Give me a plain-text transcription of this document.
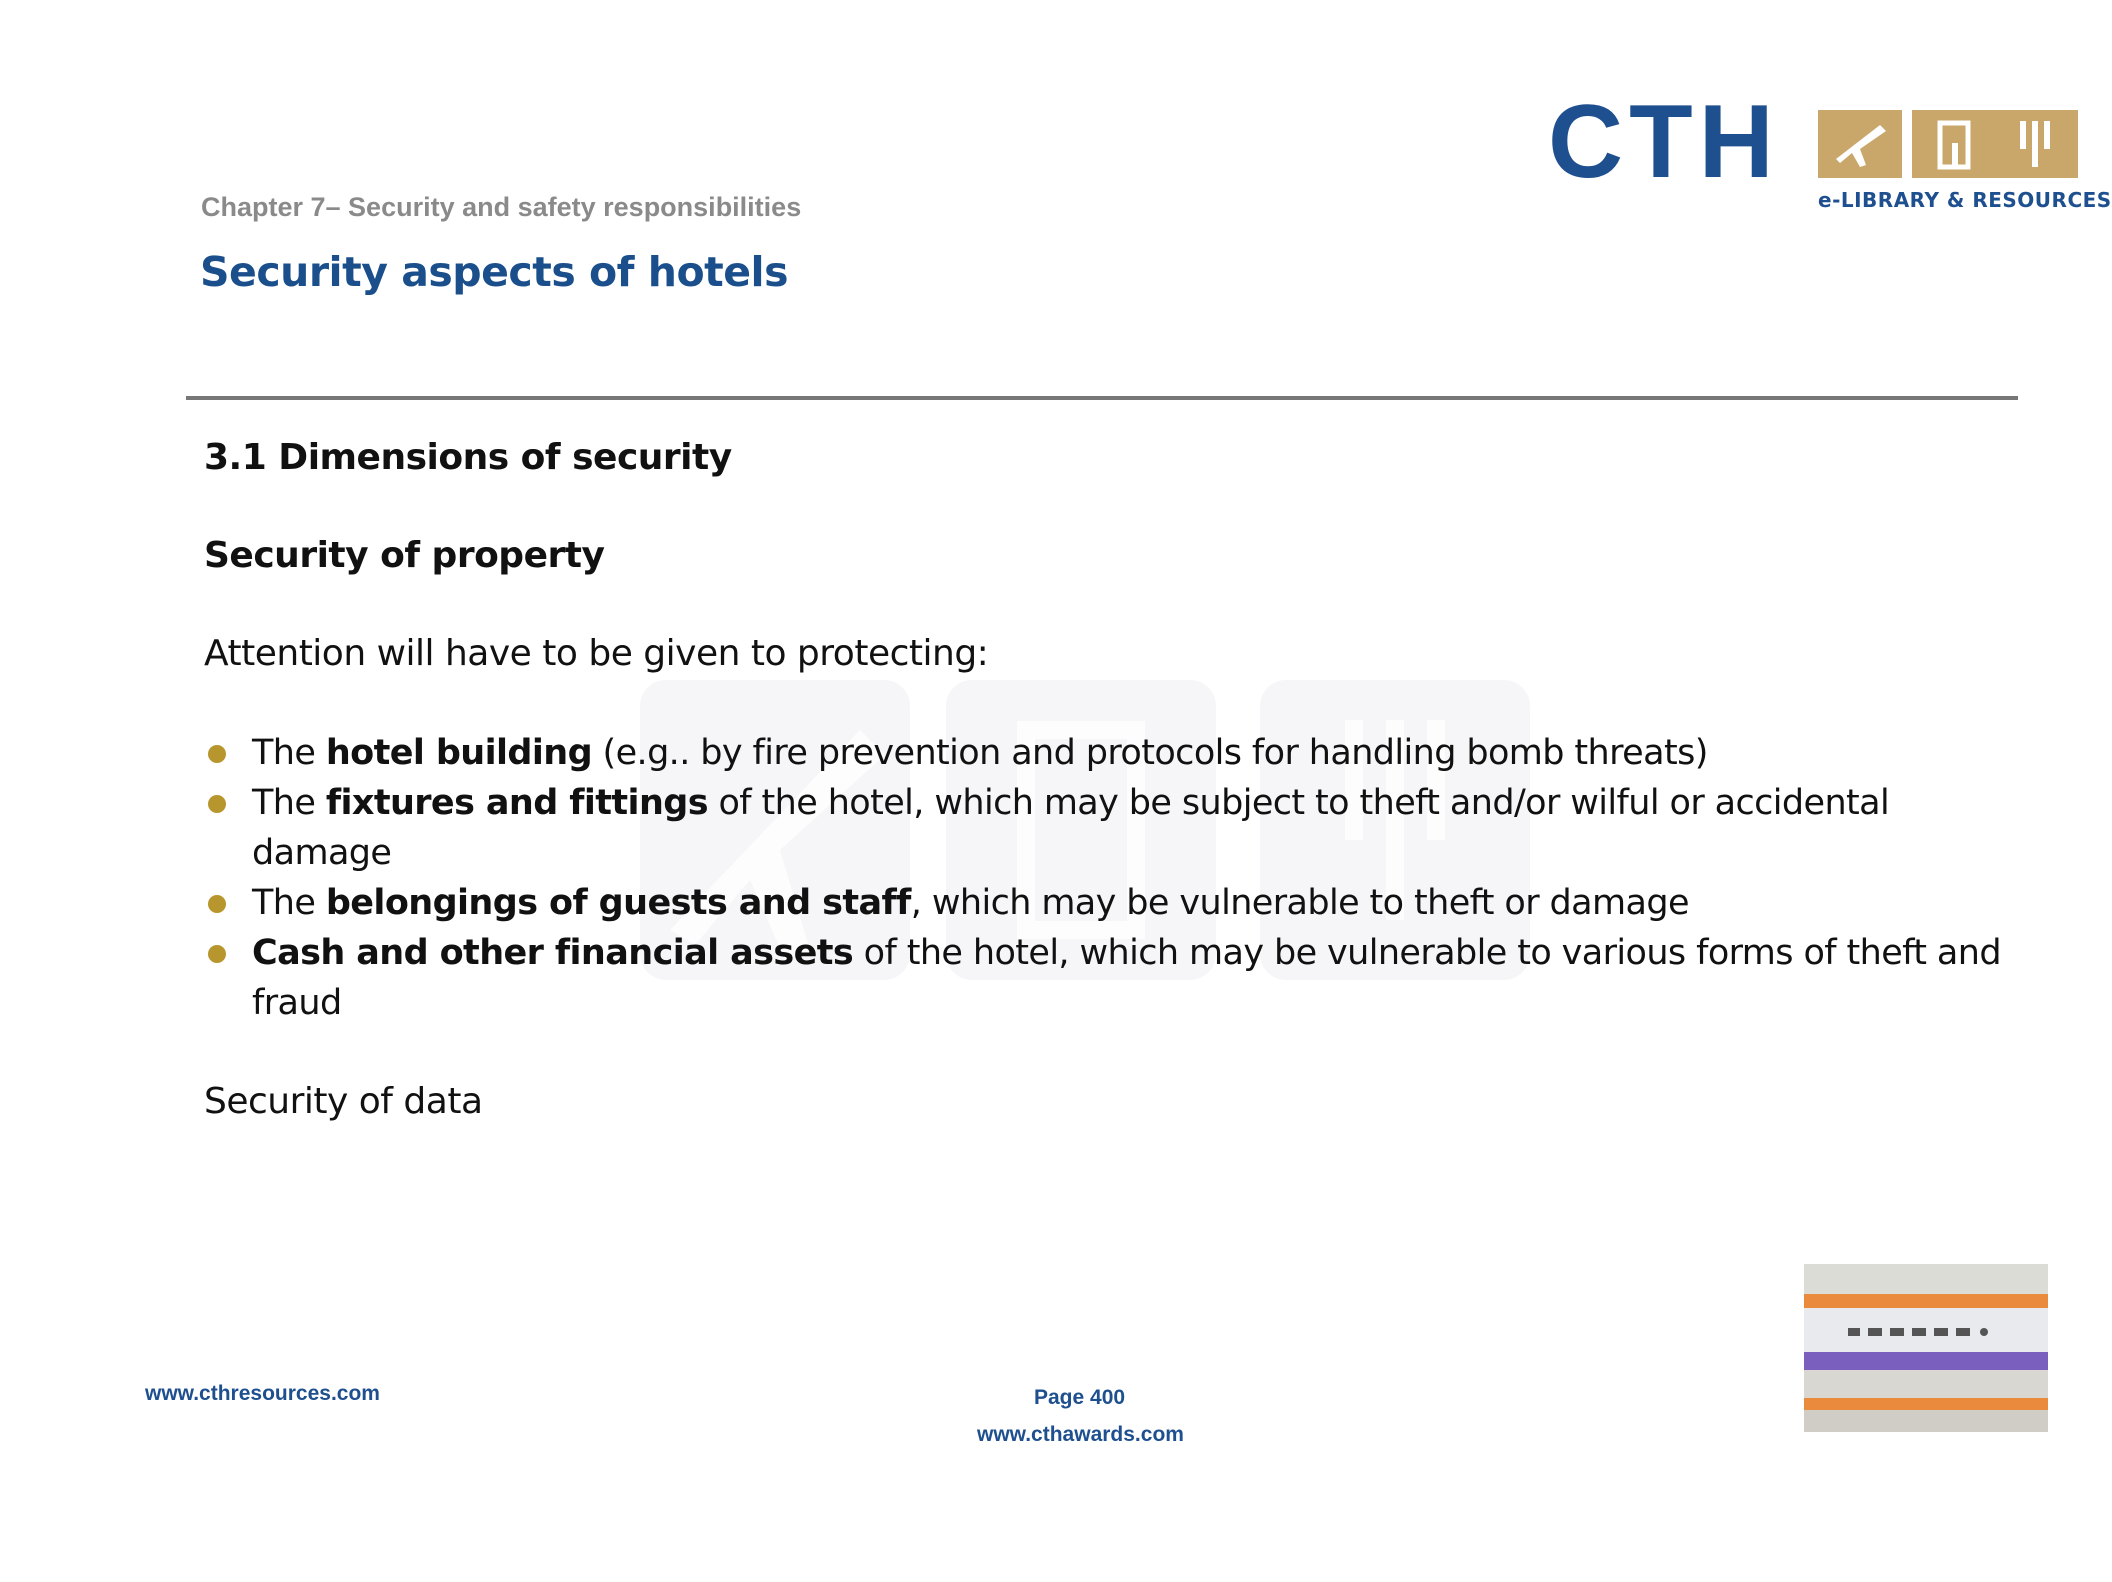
CTH e-LIBRARY & RESOURCES
Chapter 7– Security and safety responsibilities
Security aspects of hotels
3.1 Dimensions of security
Security of property
Attention will have to be given to protecting:
The hotel building (e.g.. by fire prevention and protocols for handling bomb threats)
The fixtures and fittings of the hotel, which may be subject to theft and/or wilful or accidental damage
The belongings of guests and staff, which may be vulnerable to theft or damage
Cash and other financial assets of the hotel, which may be vulnerable to various forms of theft and fraud
Security of data
www.cthresources.com	Page 400
www.cthawards.com
